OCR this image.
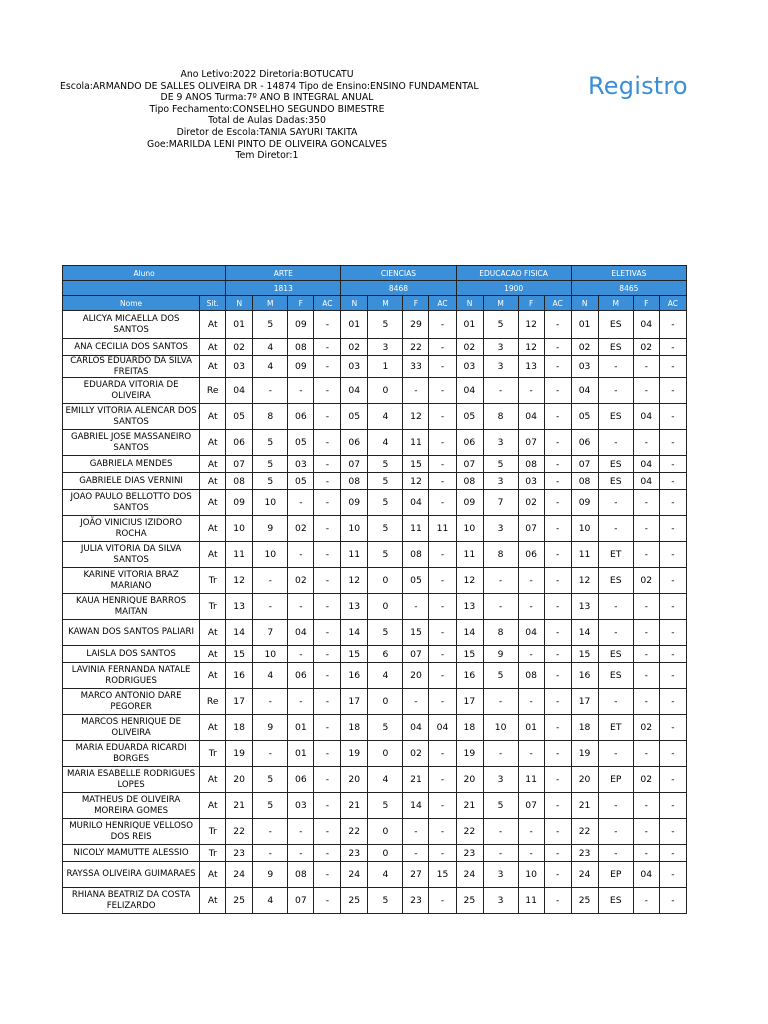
Ano Letivo:2022 Diretoria:BOTUCATU
Escola:ARMANDO DE SALLES OLIVEIRA DR - 14874 Tipo de Ensino:ENSINO FUNDAMENTAL
DE 9 ANOS Turma:7º ANO B INTEGRAL ANUAL
Tipo Fechamento:CONSELHO SEGUNDO BIMESTRE
Total de Aulas Dadas:350
Diretor de Escola:TANIA SAYURI TAKITA
Goe:MARILDA LENI PINTO DE OLIVEIRA GONCALVES
Tem Diretor:1
Registro
Aluno		ARTE				CIENCIAS				EDUCACAO FISICA				ELETIVAS			
		1813				8468				1900				8465			
Nome	Sit.	N	M	F	AC	N	M	F	AC	N	M	F	AC	N	M	F	AC
ALICYA MICAELLA DOS SANTOS	At	01	5	09	-	01	5	29	-	01	5	12	-	01	ES	04	-
ANA CECILIA DOS SANTOS	At	02	4	08	-	02	3	22	-	02	3	12	-	02	ES	02	-
CARLOS EDUARDO DA SILVA FREITAS	At	03	4	09	-	03	1	33	-	03	3	13	-	03	-	-	-
EDUARDA VITORIA DE OLIVEIRA	Re	04	-	-	-	04	0	-	-	04	-	-	-	04	-	-	-
EMILLY VITORIA ALENCAR DOS SANTOS	At	05	8	06	-	05	4	12	-	05	8	04	-	05	ES	04	-
GABRIEL JOSE MASSANEIRO SANTOS	At	06	5	05	-	06	4	11	-	06	3	07	-	06	-	-	-
GABRIELA MENDES	At	07	5	03	-	07	5	15	-	07	5	08	-	07	ES	04	-
GABRIELE DIAS VERNINI	At	08	5	05	-	08	5	12	-	08	3	03	-	08	ES	04	-
JOAO PAULO BELLOTTO DOS SANTOS	At	09	10	-	-	09	5	04	-	09	7	02	-	09	-	-	-
JOÃO VINICIUS IZIDORO ROCHA	At	10	9	02	-	10	5	11	11	10	3	07	-	10	-	-	-
JULIA VITORIA DA SILVA SANTOS	At	11	10	-	-	11	5	08	-	11	8	06	-	11	ET	-	-
KARINE VITORIA BRAZ MARIANO	Tr	12	-	02	-	12	0	05	-	12	-	-	-	12	ES	02	-
KAUA HENRIQUE BARROS MAITAN	Tr	13	-	-	-	13	0	-	-	13	-	-	-	13	-	-	-
KAWAN DOS SANTOS PALIARI	At	14	7	04	-	14	5	15	-	14	8	04	-	14	-	-	-
LAISLA DOS SANTOS	At	15	10	-	-	15	6	07	-	15	9	-	-	15	ES	-	-
LAVINIA FERNANDA NATALE RODRIGUES	At	16	4	06	-	16	4	20	-	16	5	08	-	16	ES	-	-
MARCO ANTONIO DARE PEGORER	Re	17	-	-	-	17	0	-	-	17	-	-	-	17	-	-	-
MARCOS HENRIQUE DE OLIVEIRA	At	18	9	01	-	18	5	04	04	18	10	01	-	18	ET	02	-
MARIA EDUARDA RICARDI BORGES	Tr	19	-	01	-	19	0	02	-	19	-	-	-	19	-	-	-
MARIA ESABELLE RODRIGUES LOPES	At	20	5	06	-	20	4	21	-	20	3	11	-	20	EP	02	-
MATHEUS DE OLIVEIRA MOREIRA GOMES	At	21	5	03	-	21	5	14	-	21	5	07	-	21	-	-	-
MURILO HENRIQUE VELLOSO DOS REIS	Tr	22	-	-	-	22	0	-	-	22	-	-	-	22	-	-	-
NICOLY MAMUTTE ALESSIO	Tr	23	-	-	-	23	0	-	-	23	-	-	-	23	-	-	-
RAYSSA OLIVEIRA GUIMARAES	At	24	9	08	-	24	4	27	15	24	3	10	-	24	EP	04	-
RHIANA BEATRIZ DA COSTA FELIZARDO	At	25	4	07	-	25	5	23	-	25	3	11	-	25	ES	-	-
